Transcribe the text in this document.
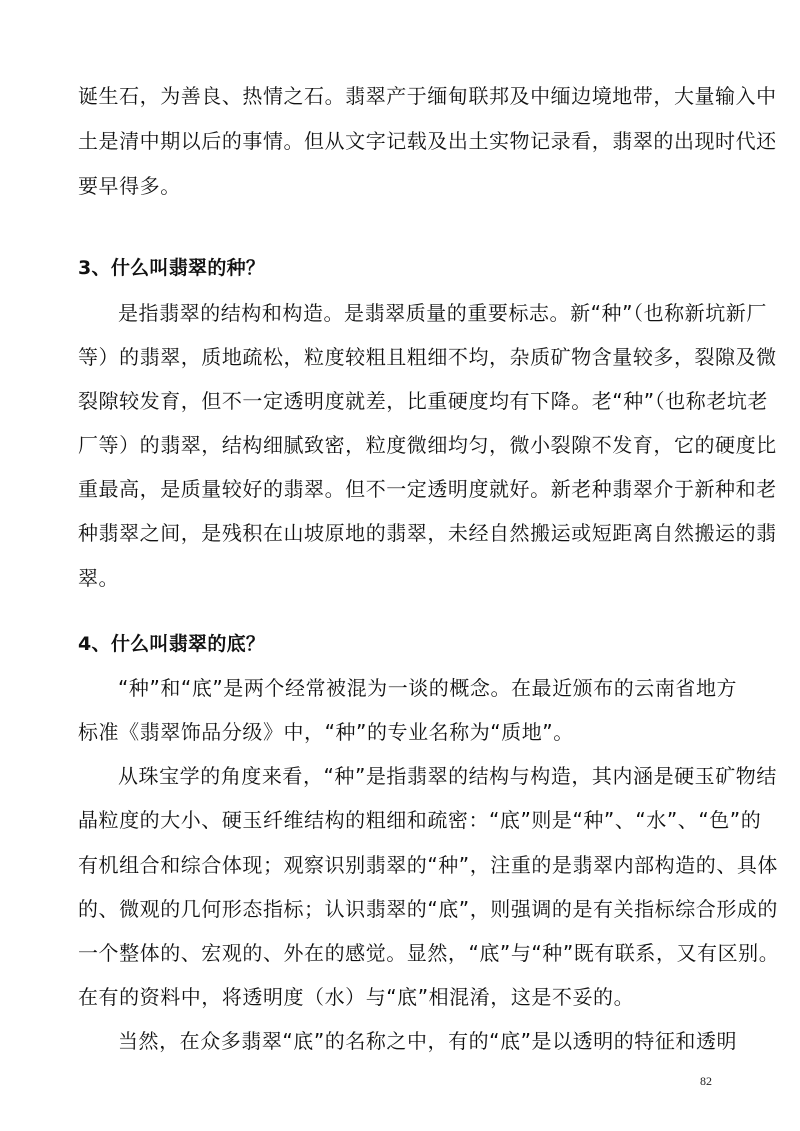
诞生石，为善良、热情之石。翡翠产于缅甸联邦及中缅边境地带，大量输入中
土是清中期以后的事情。但从文字记载及出土实物记录看，翡翠的出现时代还
要早得多。
3、什么叫翡翠的种？
是指翡翠的结构和构造。是翡翠质量的重要标志。新“种”（也称新坑新厂
等）的翡翠，质地疏松，粒度较粗且粗细不均，杂质矿物含量较多，裂隙及微
裂隙较发育，但不一定透明度就差，比重硬度均有下降。老“种”（也称老坑老
厂等）的翡翠，结构细腻致密，粒度微细均匀，微小裂隙不发育，它的硬度比
重最高，是质量较好的翡翠。但不一定透明度就好。新老种翡翠介于新种和老
种翡翠之间，是残积在山坡原地的翡翠，未经自然搬运或短距离自然搬运的翡
翠。
4、什么叫翡翠的底？
“种”和“底”是两个经常被混为一谈的概念。在最近颁布的云南省地方
标准《翡翠饰品分级》中，“种”的专业名称为“质地”。
从珠宝学的角度来看，“种”是指翡翠的结构与构造，其内涵是硬玉矿物结
晶粒度的大小、硬玉纤维结构的粗细和疏密：“底”则是“种”、“水”、“色”的
有机组合和综合体现；观察识别翡翠的“种”，注重的是翡翠内部构造的、具体
的、微观的几何形态指标；认识翡翠的“底”，则强调的是有关指标综合形成的
一个整体的、宏观的、外在的感觉。显然，“底”与“种”既有联系，又有区别。
在有的资料中，将透明度（水）与“底”相混淆，这是不妥的。
当然，在众多翡翠“底”的名称之中，有的“底”是以透明的特征和透明
82
